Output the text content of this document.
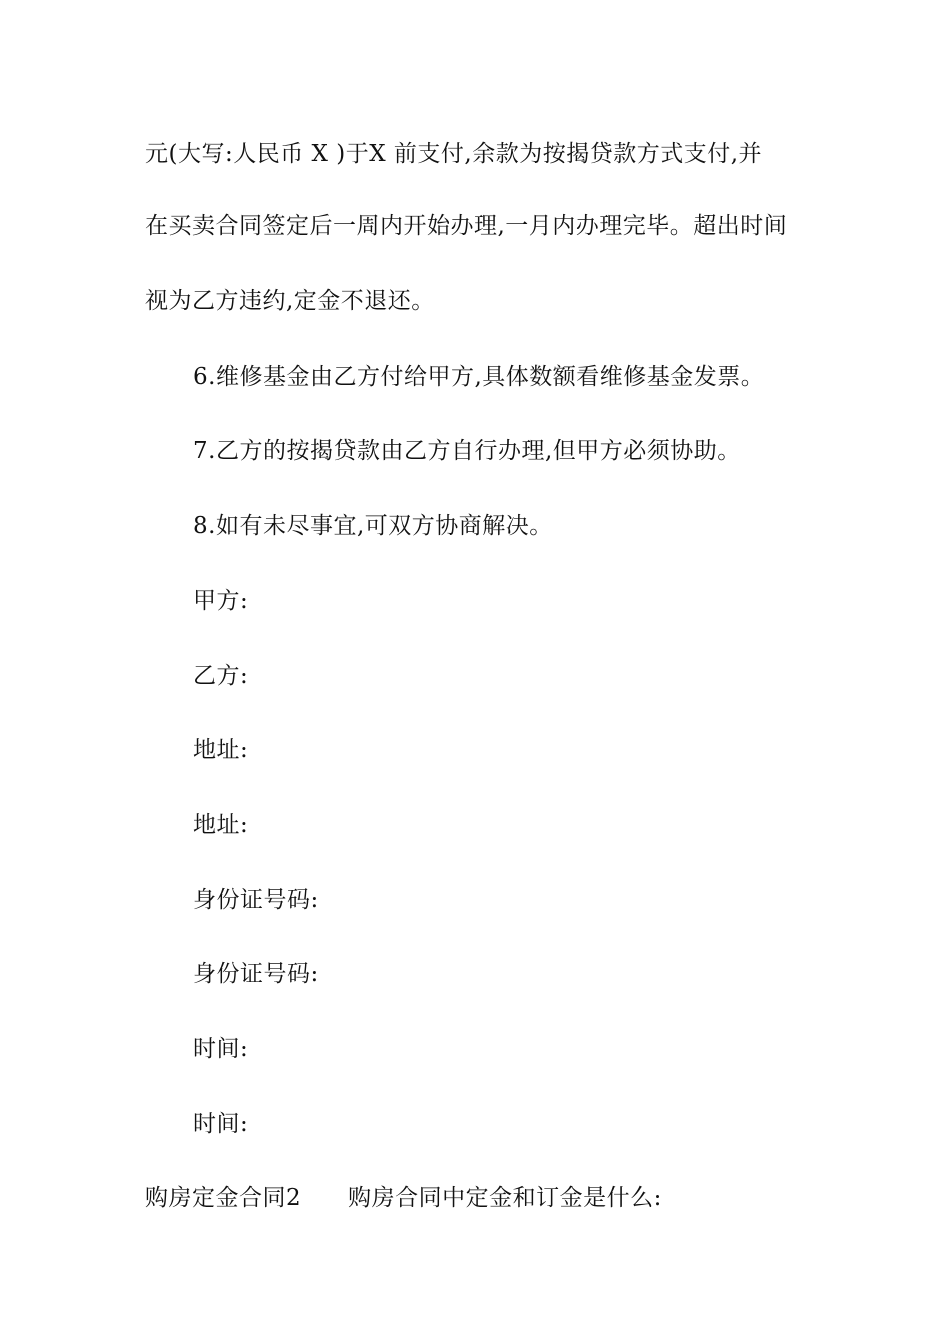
元(大写:人民币 X )于X 前支付,余款为按揭贷款方式支付,并
在买卖合同签定后一周内开始办理,一月内办理完毕。超出时间
视为乙方违约,定金不退还。
6.维修基金由乙方付给甲方,具体数额看维修基金发票。
7.乙方的按揭贷款由乙方自行办理,但甲方必须协助。
8.如有未尽事宜,可双方协商解决。
甲方:
乙方:
地址:
地址:
身份证号码:
身份证号码:
时间:
时间:
购房定金合同2　　购房合同中定金和订金是什么:
